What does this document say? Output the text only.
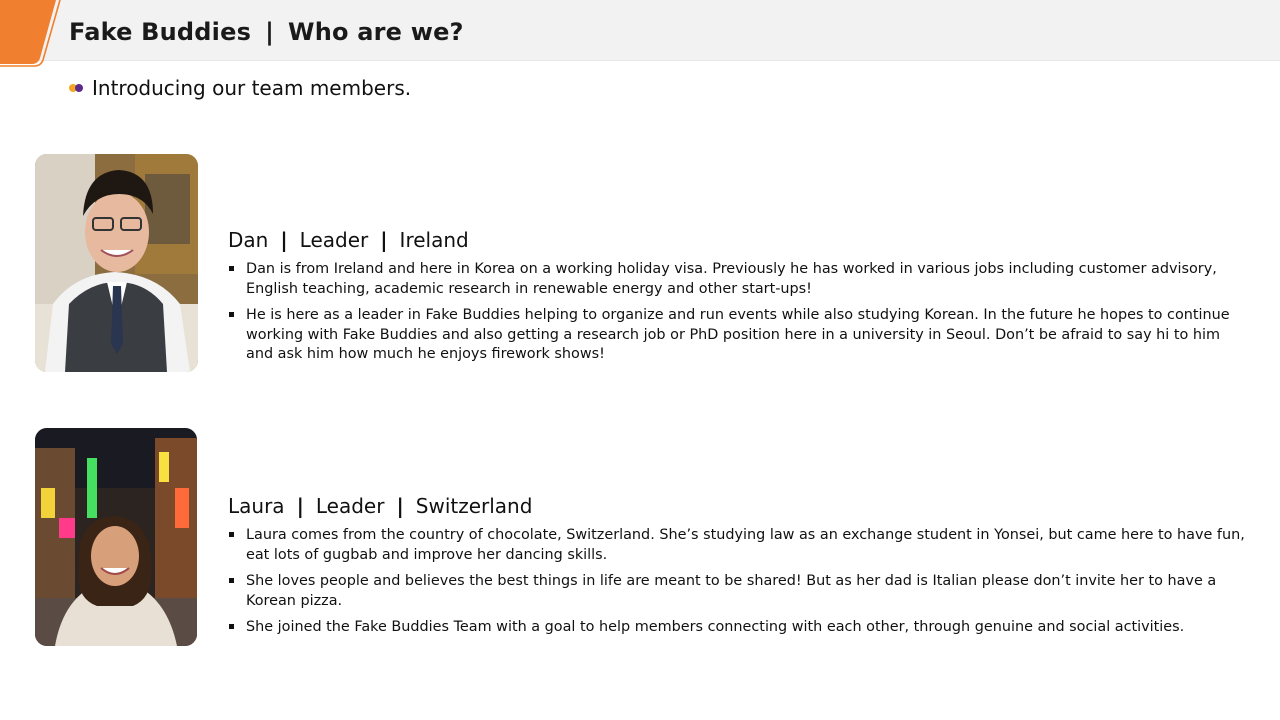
Fake Buddies | Who are we?
Introducing our team members.
Dan | Leader | Ireland
Dan is from Ireland and here in Korea on a working holiday visa. Previously he has worked in various jobs including customer advisory, English teaching, academic research in renewable energy and other start-ups!
He is here as a leader in Fake Buddies helping to organize and run events while also studying Korean. In the future he hopes to continue working with Fake Buddies and also getting a research job or PhD position here in a university in Seoul. Don’t be afraid to say hi to him and ask him how much he enjoys firework shows!
Laura | Leader | Switzerland
Laura comes from the country of chocolate, Switzerland. She’s studying law as an exchange student in Yonsei, but came here to have fun, eat lots of gugbab and improve her dancing skills.
She loves people and believes the best things in life are meant to be shared! But as her dad is Italian please don’t invite her to have a Korean pizza.
She joined the Fake Buddies Team with a goal to help members connecting with each other, through genuine and social activities.
